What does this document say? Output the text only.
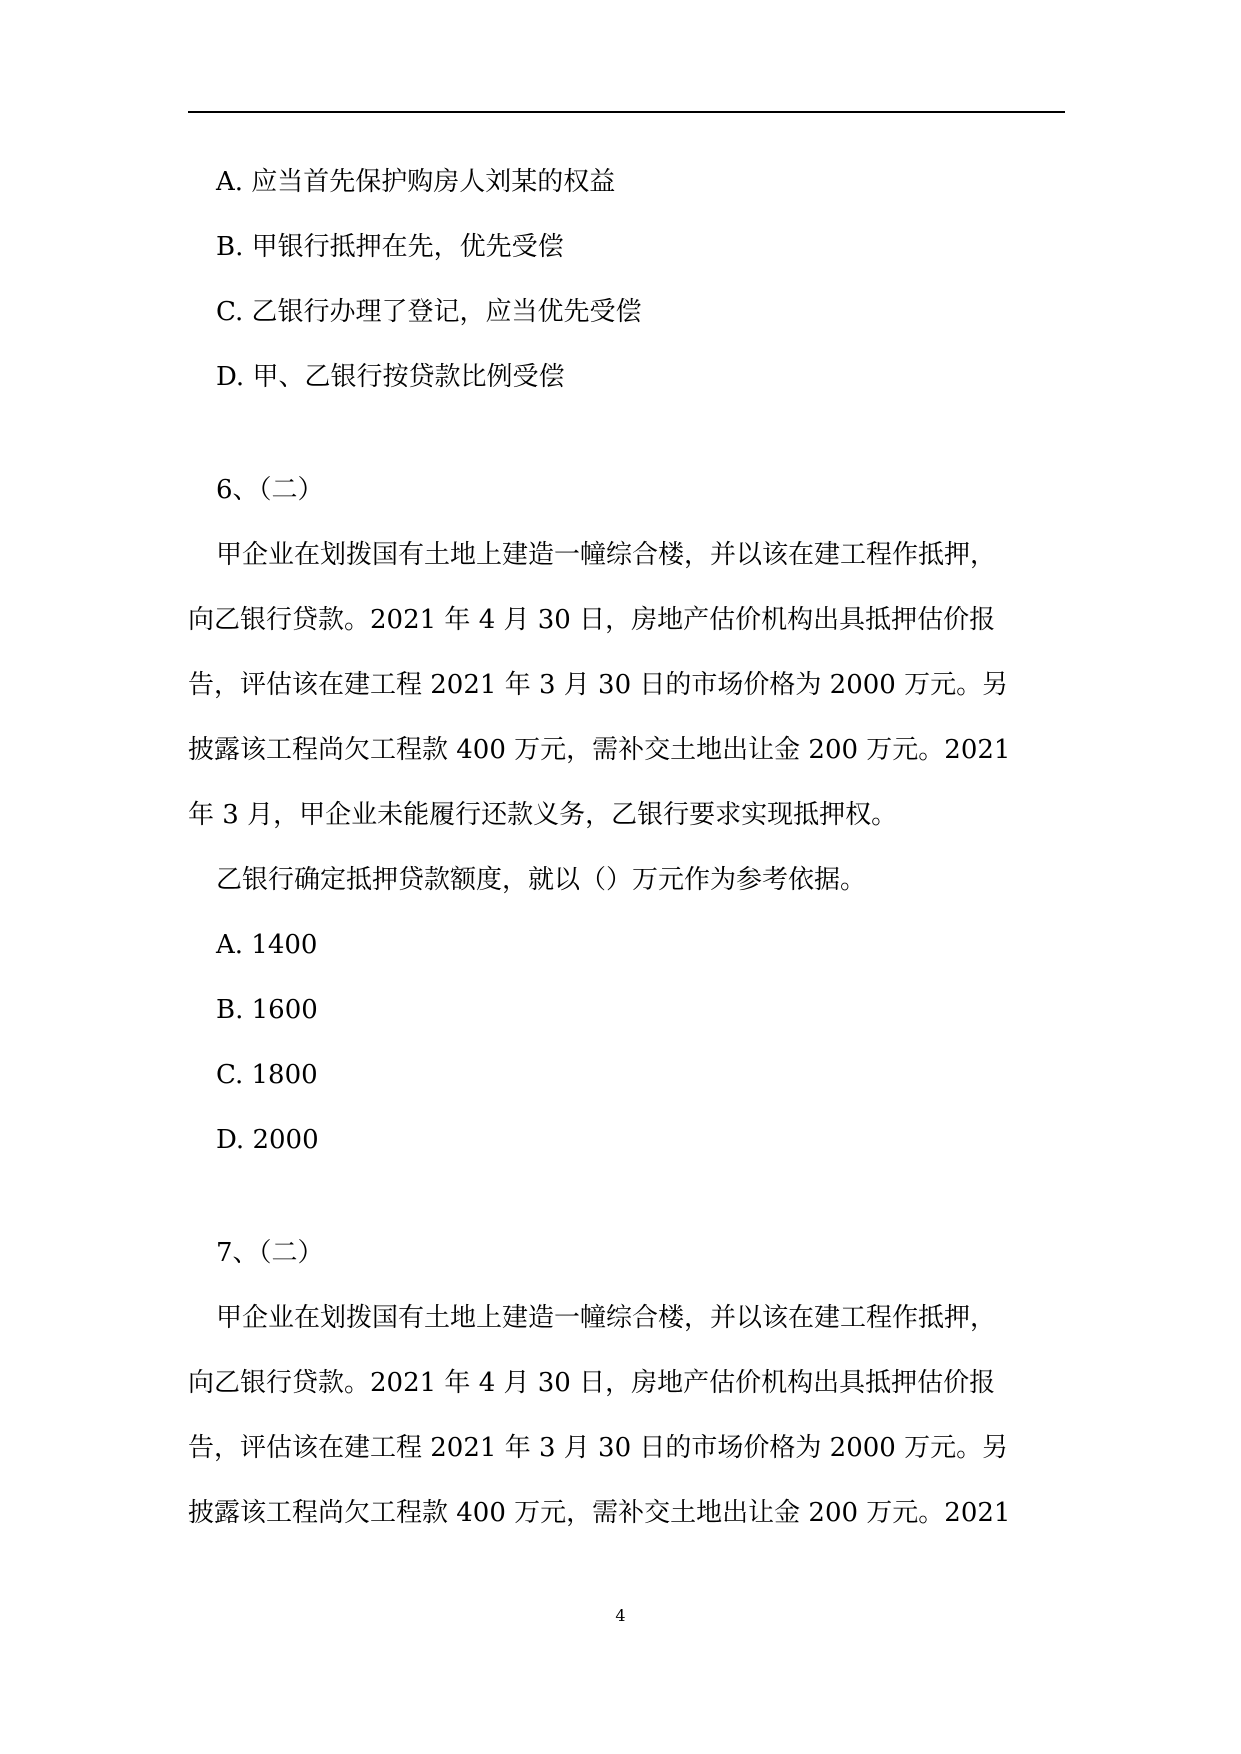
A. 应当首先保护购房人刘某的权益
B. 甲银行抵押在先，优先受偿
C. 乙银行办理了登记，应当优先受偿
D. 甲、乙银行按贷款比例受偿
6、（二）
甲企业在划拨国有土地上建造一幢综合楼，并以该在建工程作抵押，
向乙银行贷款。2021 年 4 月 30 日，房地产估价机构出具抵押估价报
告，评估该在建工程 2021 年 3 月 30 日的市场价格为 2000 万元。另
披露该工程尚欠工程款 400 万元，需补交土地出让金 200 万元。2021
年 3 月，甲企业未能履行还款义务，乙银行要求实现抵押权。
乙银行确定抵押贷款额度，就以（）万元作为参考依据。
A. 1400
B. 1600
C. 1800
D. 2000
7、（二）
甲企业在划拨国有土地上建造一幢综合楼，并以该在建工程作抵押，
向乙银行贷款。2021 年 4 月 30 日，房地产估价机构出具抵押估价报
告，评估该在建工程 2021 年 3 月 30 日的市场价格为 2000 万元。另
披露该工程尚欠工程款 400 万元，需补交土地出让金 200 万元。2021
4
